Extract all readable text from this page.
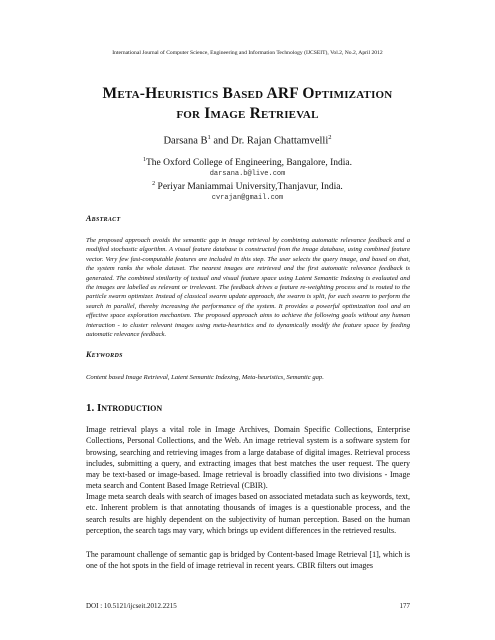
International Journal of Computer Science, Engineering and Information Technology (IJCSEIT), Vol.2, No.2, April 2012
Meta-Heuristics Based ARF Optimization
for Image Retrieval
Darsana $B^1$ and Dr. Rajan Chattamvelli$^2$
$^1$The Oxford College of Engineering, Bangalore, India.
darsana.b@live.com
$^2$ Periyar Maniammai University,Thanjavur, India.
cvrajan@gmail.com
Abstract
The proposed approach avoids the semantic gap in image retrieval by combining automatic relevance feedback and a modified stochastic algorithm. A visual feature database is constructed from the image database, using combined feature vector. Very few fast-computable features are included in this step. The user selects the query image, and based on that, the system ranks the whole dataset. The nearest images are retrieved and the first automatic relevance feedback is generated. The combined similarity of textual and visual feature space using Latent Semantic Indexing is evaluated and the images are labelled as relevant or irrelevant. The feedback drives a feature re-weighting process and is routed to the particle swarm optimizer. Instead of classical swarm update approach, the swarm is split, for each swarm to perform the search in parallel, thereby increasing the performance of the system. It provides a powerful optimization tool and an effective space exploration mechanism. The proposed approach aims to achieve the following goals without any human interaction - to cluster relevant images using meta-heuristics and to dynamically modify the feature space by feeding automatic relevance feedback.
Keywords
Content based Image Retrieval, Latent Semantic Indexing, Meta-heuristics, Semantic gap.
1. Introduction

Image retrieval plays a vital role in Image Archives, Domain Specific Collections, Enterprise Collections, Personal Collections, and the Web. An image retrieval system is a software system for browsing, searching and retrieving images from a large database of digital images. Retrieval process includes, submitting a query, and extracting images that best matches the user request. The query may be text-based or image-based. Image retrieval is broadly classified into two divisions - Image meta search and Content Based Image Retrieval (CBIR).

Image meta search deals with search of images based on associated metadata such as keywords, text, etc. Inherent problem is that annotating thousands of images is a questionable process, and the search results are highly dependent on the subjectivity of human perception. Based on the human perception, the search tags may vary, which brings up evident differences in the retrieved results.

The paramount challenge of semantic gap is bridged by Content-based Image Retrieval [1], which is one of the hot spots in the field of image retrieval in recent years. CBIR filters out images

DOI : 10.5121/ijcseit.2012.2215	177
